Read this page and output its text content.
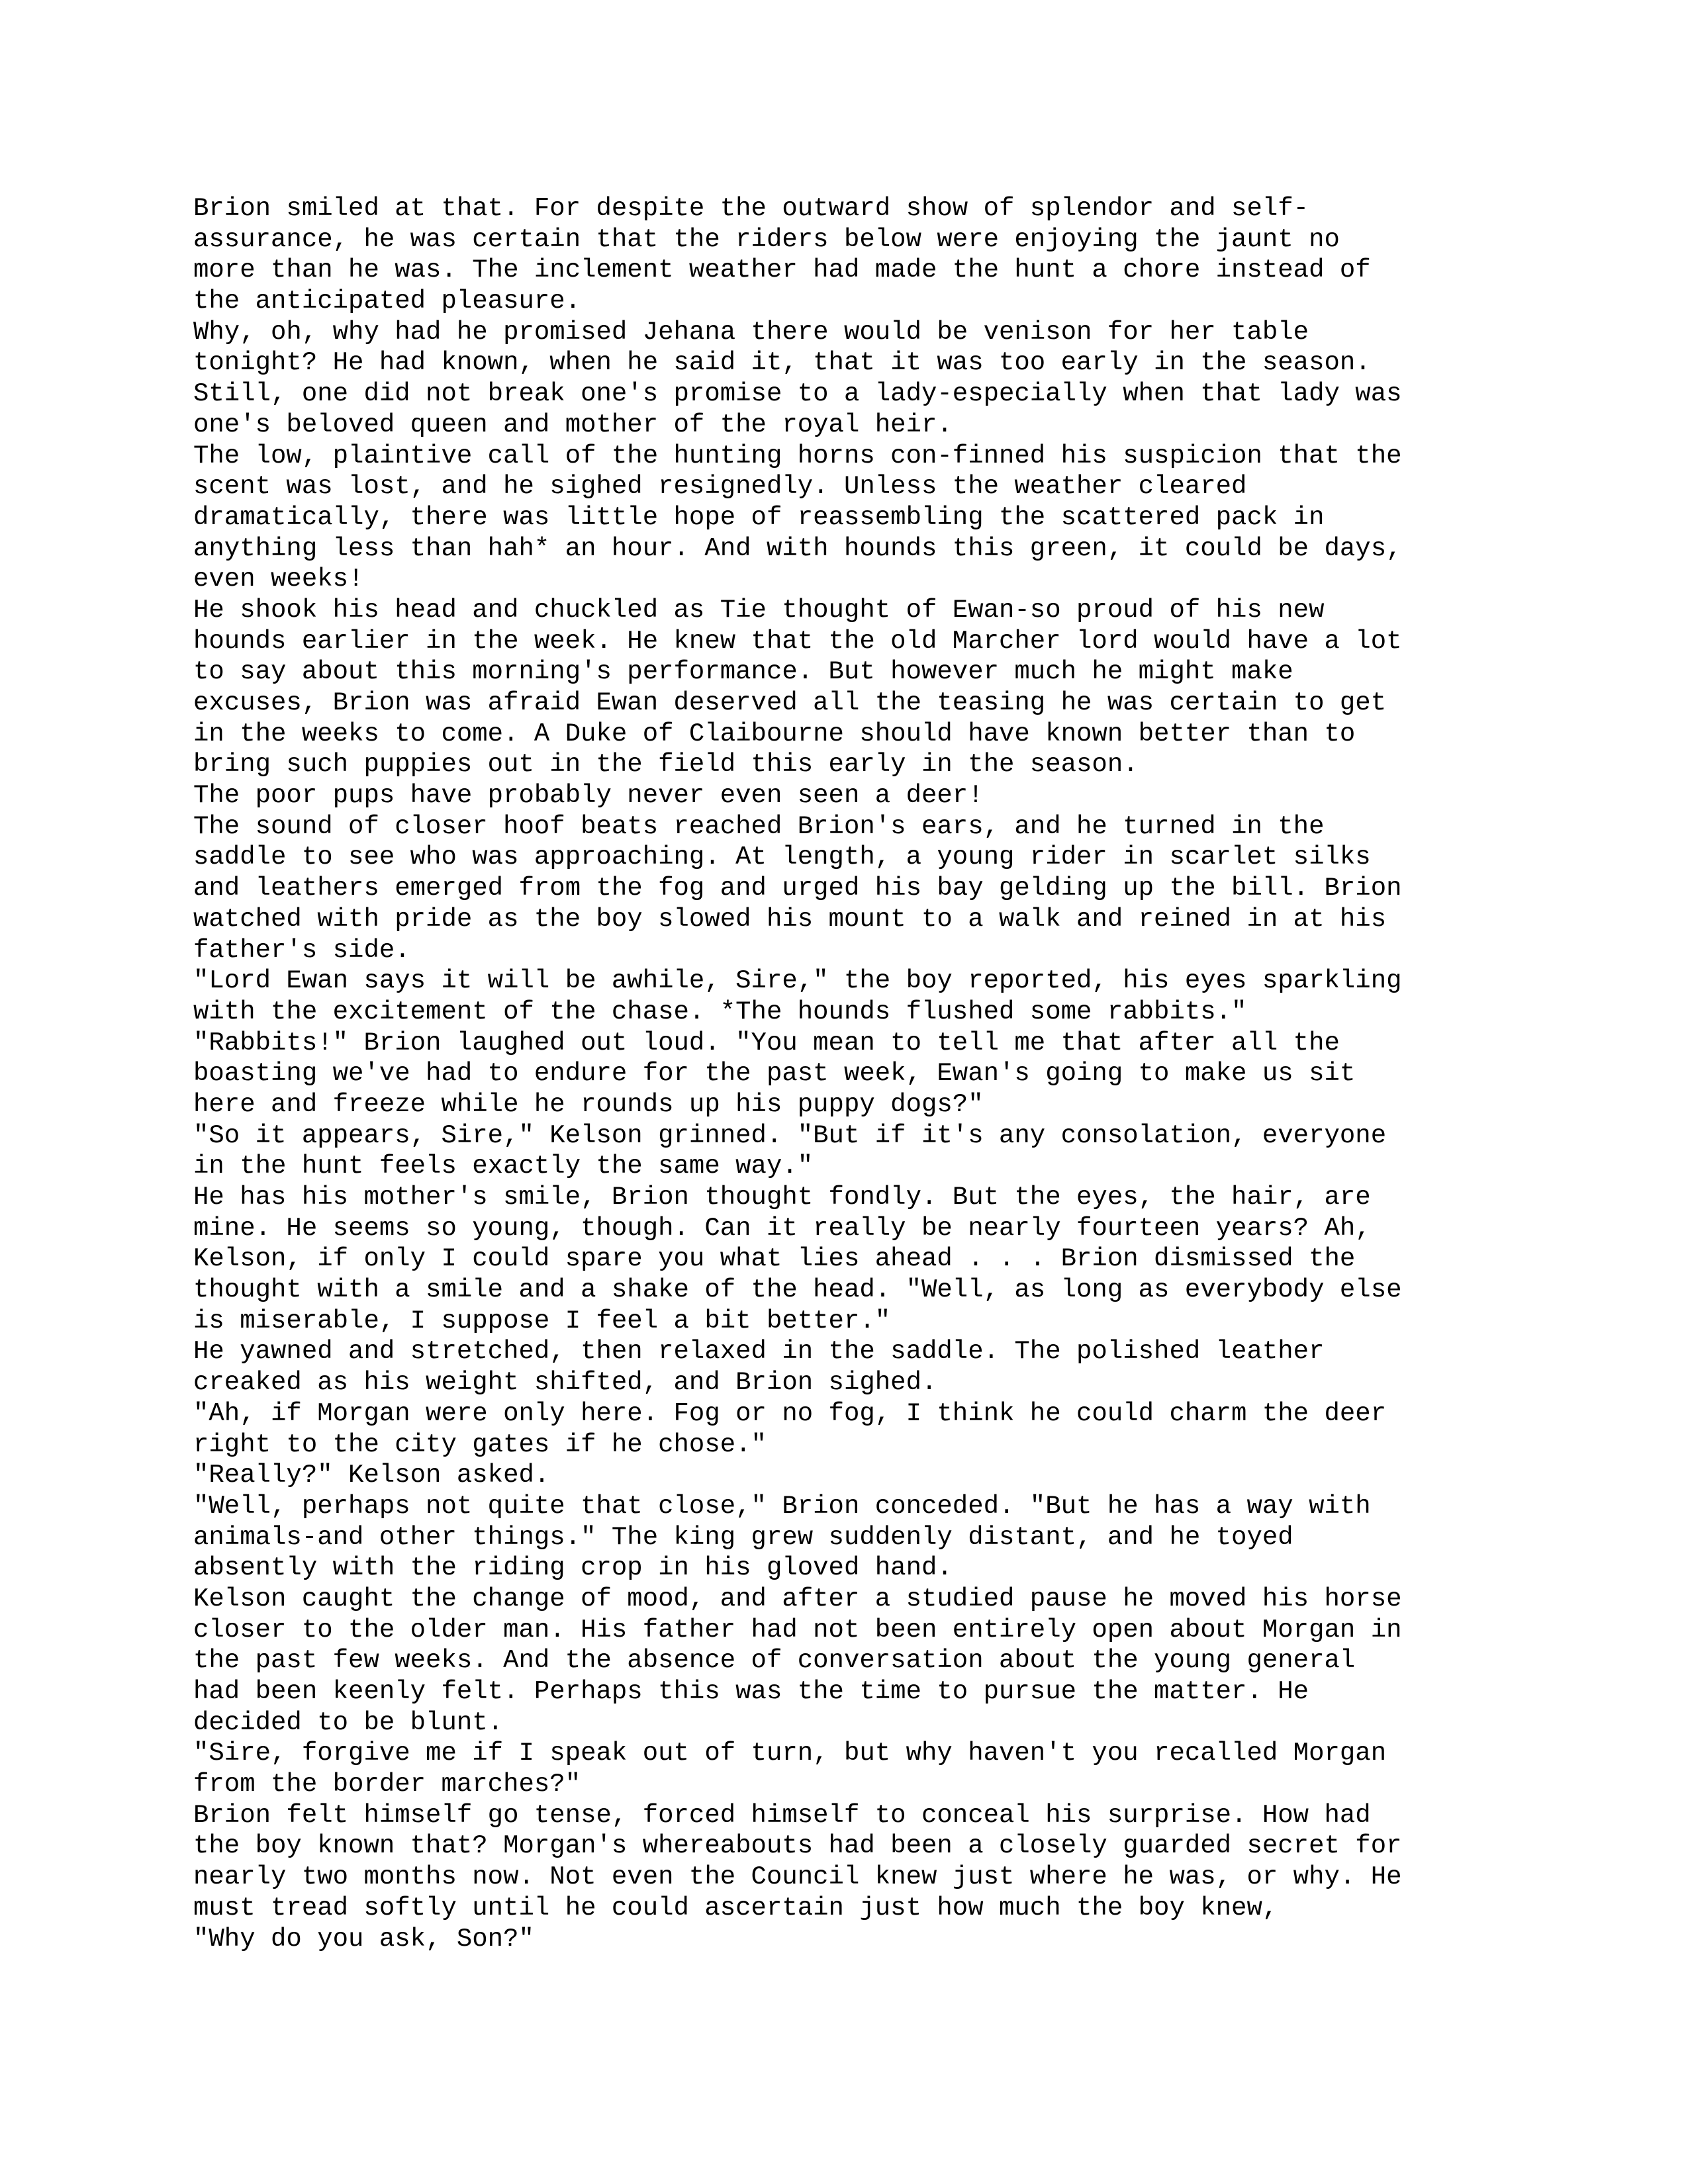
Brion smiled at that. For despite the outward show of splendor and self-
assurance, he was certain that the riders below were enjoying the jaunt no
more than he was. The inclement weather had made the hunt a chore instead of
the anticipated pleasure.
Why, oh, why had he promised Jehana there would be venison for her table
tonight? He had known, when he said it, that it was too early in the season.
Still, one did not break one's promise to a lady-especially when that lady was
one's beloved queen and mother of the royal heir.
The low, plaintive call of the hunting horns con-finned his suspicion that the
scent was lost, and he sighed resignedly. Unless the weather cleared
dramatically, there was little hope of reassembling the scattered pack in
anything less than hah* an hour. And with hounds this green, it could be days,
even weeks!
He shook his head and chuckled as Tie thought of Ewan-so proud of his new
hounds earlier in the week. He knew that the old Marcher lord would have a lot
to say about this morning's performance. But however much he might make
excuses, Brion was afraid Ewan deserved all the teasing he was certain to get
in the weeks to come. A Duke of Claibourne should have known better than to
bring such puppies out in the field this early in the season.
The poor pups have probably never even seen a deer!
The sound of closer hoof beats reached Brion's ears, and he turned in the
saddle to see who was approaching. At length, a young rider in scarlet silks
and leathers emerged from the fog and urged his bay gelding up the bill. Brion
watched with pride as the boy slowed his mount to a walk and reined in at his
father's side.
"Lord Ewan says it will be awhile, Sire," the boy reported, his eyes sparkling
with the excitement of the chase. *The hounds flushed some rabbits."
"Rabbits!" Brion laughed out loud. "You mean to tell me that after all the
boasting we've had to endure for the past week, Ewan's going to make us sit
here and freeze while he rounds up his puppy dogs?"
"So it appears, Sire," Kelson grinned. "But if it's any consolation, everyone
in the hunt feels exactly the same way."
He has his mother's smile, Brion thought fondly. But the eyes, the hair, are
mine. He seems so young, though. Can it really be nearly fourteen years? Ah,
Kelson, if only I could spare you what lies ahead . . . Brion dismissed the
thought with a smile and a shake of the head. "Well, as long as everybody else
is miserable, I suppose I feel a bit better."
He yawned and stretched, then relaxed in the saddle. The polished leather
creaked as his weight shifted, and Brion sighed.
"Ah, if Morgan were only here. Fog or no fog, I think he could charm the deer
right to the city gates if he chose."
"Really?" Kelson asked.
"Well, perhaps not quite that close," Brion conceded. "But he has a way with
animals-and other things." The king grew suddenly distant, and he toyed
absently with the riding crop in his gloved hand.
Kelson caught the change of mood, and after a studied pause he moved his horse
closer to the older man. His father had not been entirely open about Morgan in
the past few weeks. And the absence of conversation about the young general
had been keenly felt. Perhaps this was the time to pursue the matter. He
decided to be blunt.
"Sire, forgive me if I speak out of turn, but why haven't you recalled Morgan
from the border marches?"
Brion felt himself go tense, forced himself to conceal his surprise. How had
the boy known that? Morgan's whereabouts had been a closely guarded secret for
nearly two months now. Not even the Council knew just where he was, or why. He
must tread softly until he could ascertain just how much the boy knew,
"Why do you ask, Son?"
